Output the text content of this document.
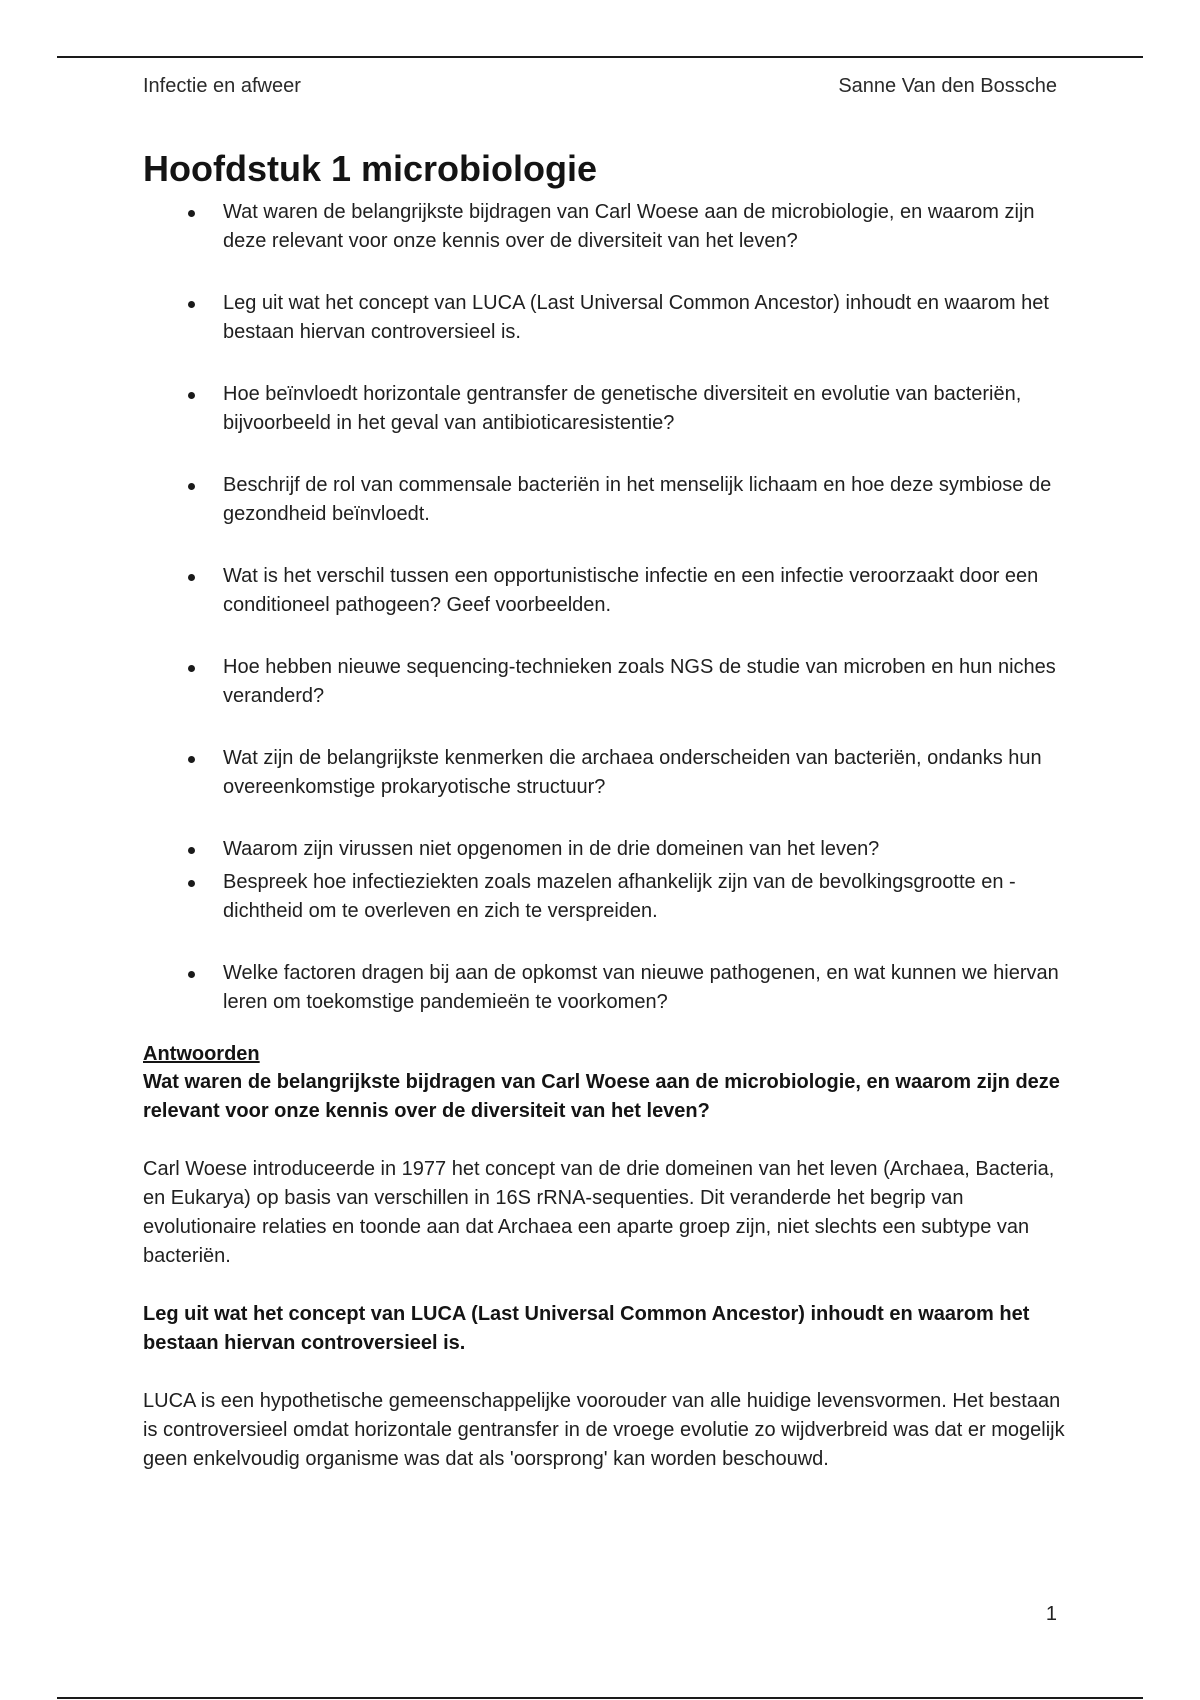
Infectie en afweer	Sanne Van den Bossche
Hoofdstuk 1 microbiologie
Wat waren de belangrijkste bijdragen van Carl Woese aan de microbiologie, en waarom zijn deze relevant voor onze kennis over de diversiteit van het leven?
Leg uit wat het concept van LUCA (Last Universal Common Ancestor) inhoudt en waarom het bestaan hiervan controversieel is.
Hoe beïnvloedt horizontale gentransfer de genetische diversiteit en evolutie van bacteriën, bijvoorbeeld in het geval van antibioticaresistentie?
Beschrijf de rol van commensale bacteriën in het menselijk lichaam en hoe deze symbiose de gezondheid beïnvloedt.
Wat is het verschil tussen een opportunistische infectie en een infectie veroorzaakt door een conditioneel pathogeen? Geef voorbeelden.
Hoe hebben nieuwe sequencing-technieken zoals NGS de studie van microben en hun niches veranderd?
Wat zijn de belangrijkste kenmerken die archaea onderscheiden van bacteriën, ondanks hun overeenkomstige prokaryotische structuur?
Waarom zijn virussen niet opgenomen in de drie domeinen van het leven?
Bespreek hoe infectieziekten zoals mazelen afhankelijk zijn van de bevolkingsgrootte en -dichtheid om te overleven en zich te verspreiden.
Welke factoren dragen bij aan de opkomst van nieuwe pathogenen, en wat kunnen we hiervan leren om toekomstige pandemieën te voorkomen?
Antwoorden

Wat waren de belangrijkste bijdragen van Carl Woese aan de microbiologie, en waarom zijn deze relevant voor onze kennis over de diversiteit van het leven?

Carl Woese introduceerde in 1977 het concept van de drie domeinen van het leven (Archaea, Bacteria, en Eukarya) op basis van verschillen in 16S rRNA-sequenties. Dit veranderde het begrip van evolutionaire relaties en toonde aan dat Archaea een aparte groep zijn, niet slechts een subtype van bacteriën.

Leg uit wat het concept van LUCA (Last Universal Common Ancestor) inhoudt en waarom het bestaan hiervan controversieel is.

LUCA is een hypothetische gemeenschappelijke voorouder van alle huidige levensvormen. Het bestaan is controversieel omdat horizontale gentransfer in de vroege evolutie zo wijdverbreid was dat er mogelijk geen enkelvoudig organisme was dat als 'oorsprong' kan worden beschouwd.

1
